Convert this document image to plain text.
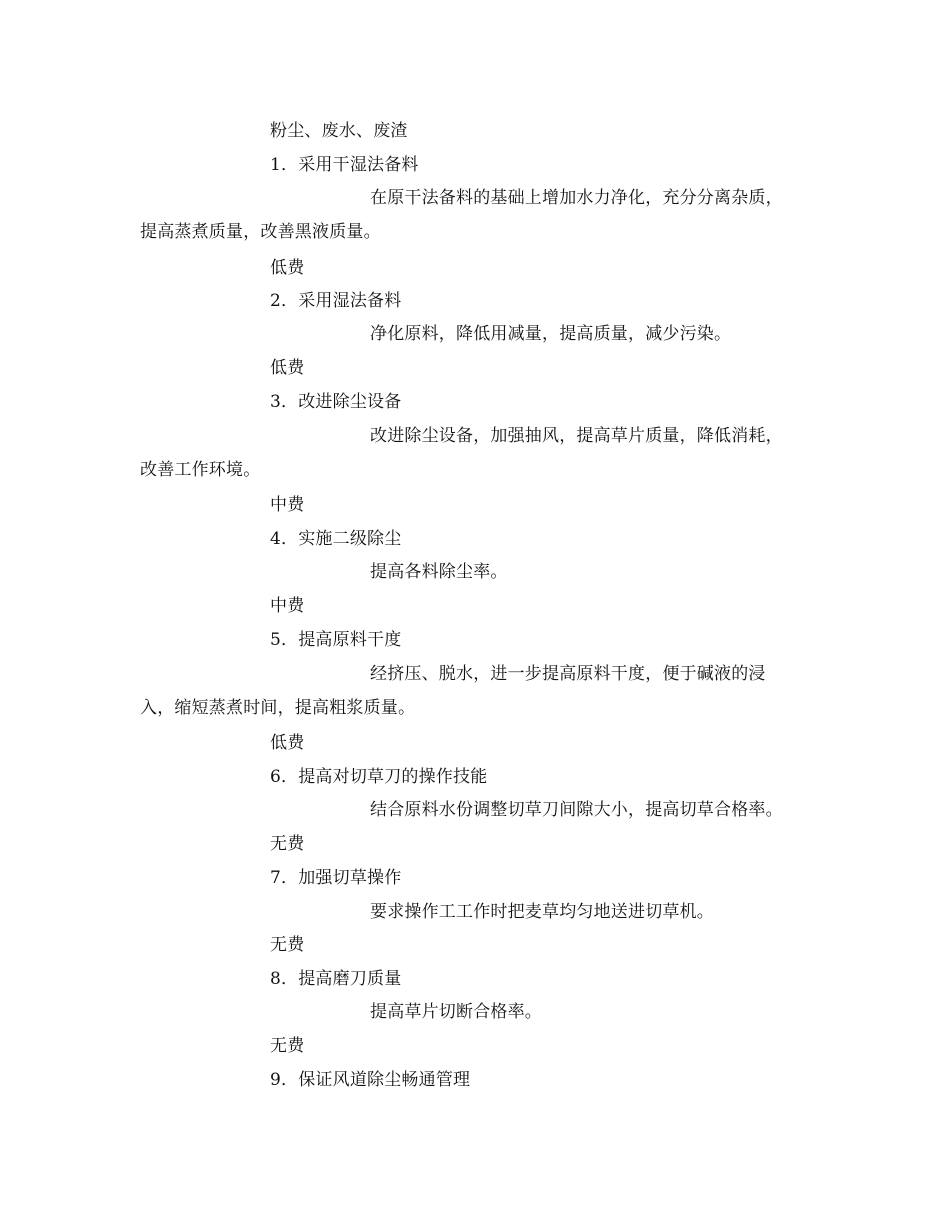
粉尘、废水、废渣
1．采用干湿法备料
在原干法备料的基础上增加水力净化，充分分离杂质，
提高蒸煮质量，改善黑液质量。
低费
2．采用湿法备料
净化原料，降低用减量，提高质量，减少污染。
低费
3．改进除尘设备
改进除尘设备，加强抽风，提高草片质量，降低消耗，
改善工作环境。
中费
4．实施二级除尘
提高各料除尘率。
中费
5．提高原料干度
经挤压、脱水，进一步提高原料干度，便于碱液的浸
入，缩短蒸煮时间，提高粗浆质量。
低费
6．提高对切草刀的操作技能
结合原料水份调整切草刀间隙大小，提高切草合格率。
无费
7．加强切草操作
要求操作工工作时把麦草均匀地送进切草机。
无费
8．提高磨刀质量
提高草片切断合格率。
无费
9．保证风道除尘畅通管理
